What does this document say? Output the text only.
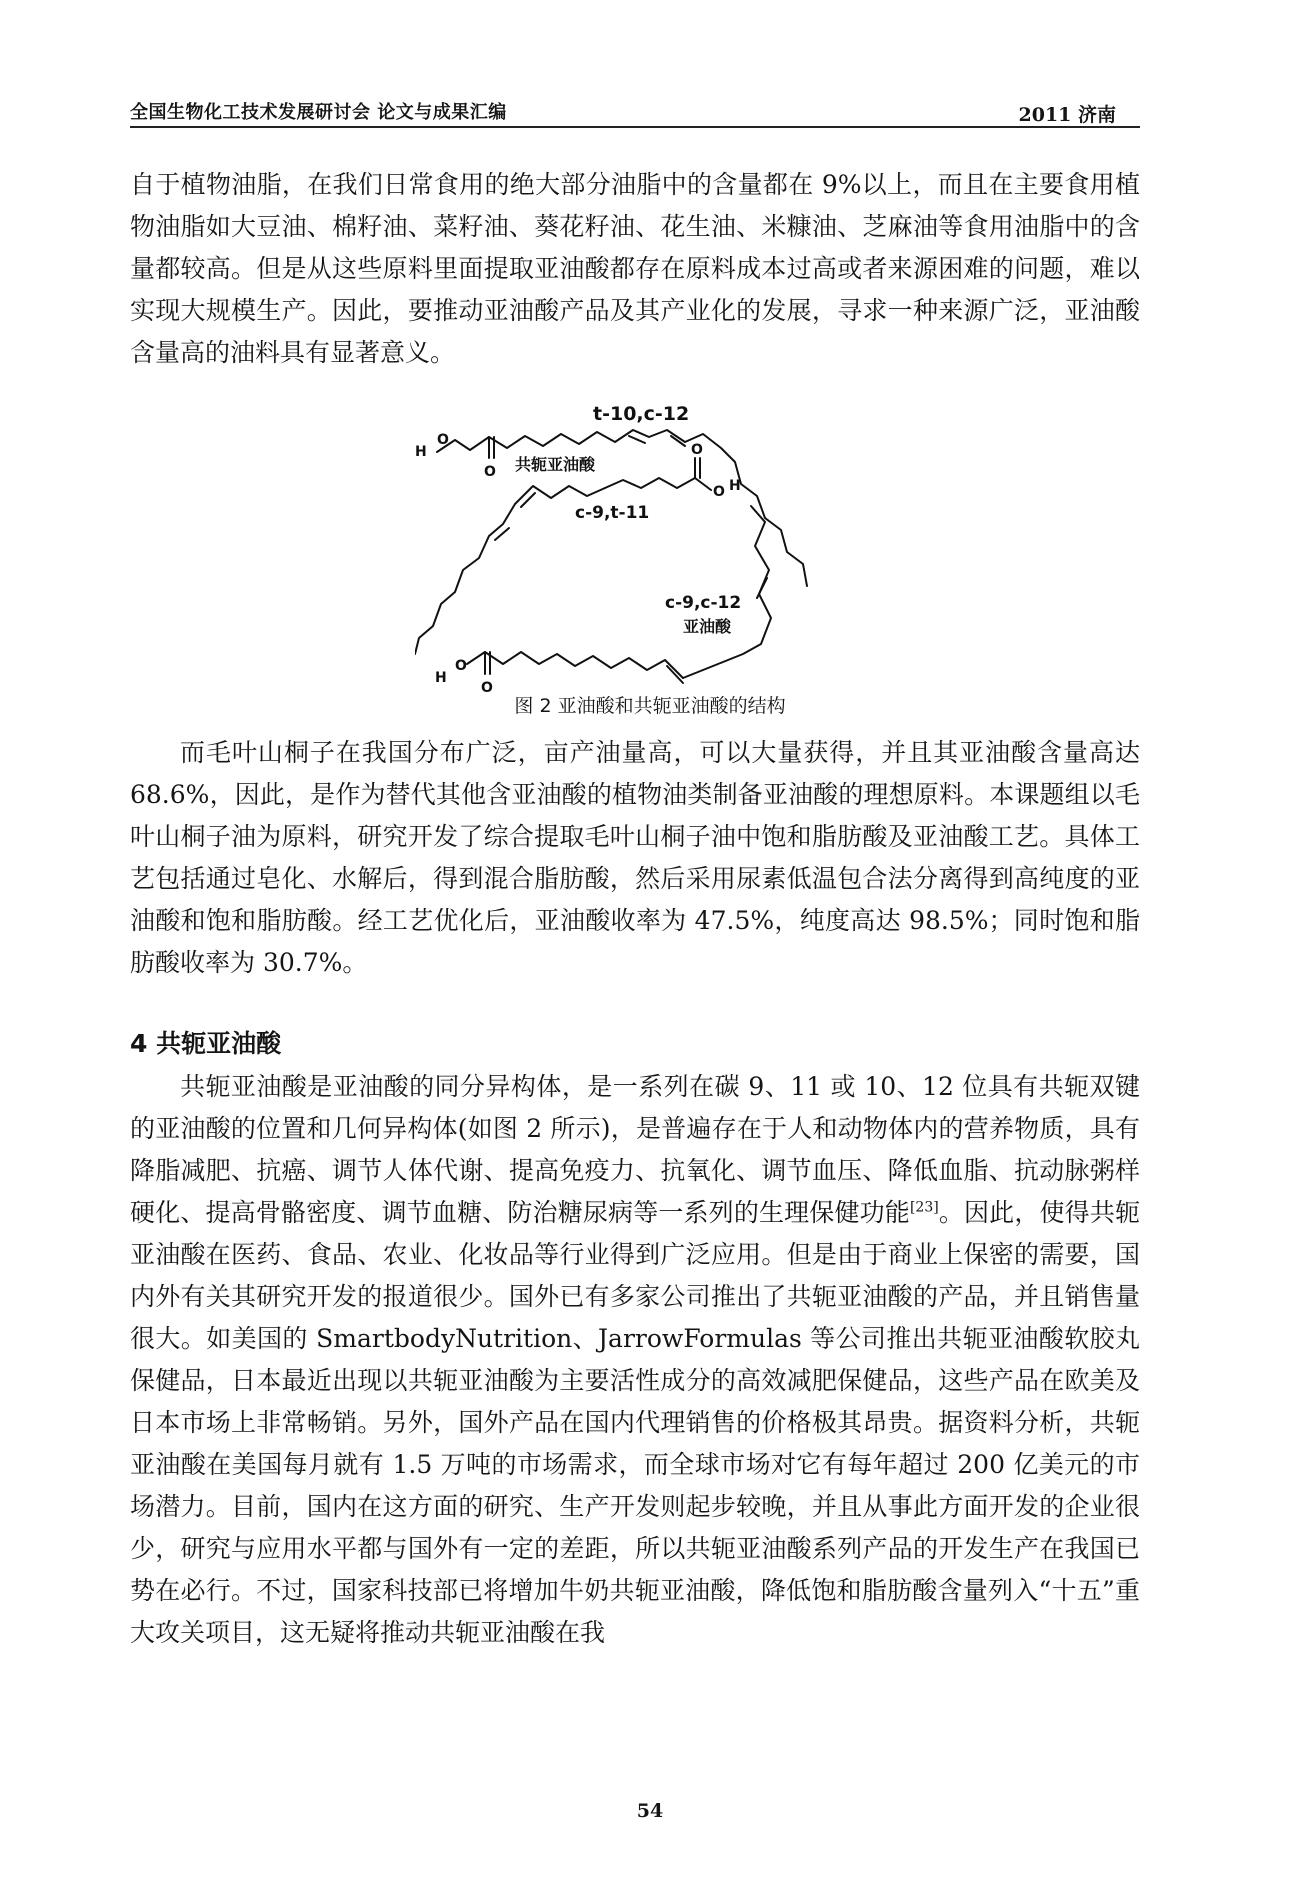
全国生物化工技术发展研讨会 论文与成果汇编	2011 济南
自于植物油脂，在我们日常食用的绝大部分油脂中的含量都在 9%以上，而且在主要食用植物油脂如大豆油、棉籽油、菜籽油、葵花籽油、花生油、米糠油、芝麻油等食用油脂中的含量都较高。但是从这些原料里面提取亚油酸都存在原料成本过高或者来源困难的问题，难以实现大规模生产。因此，要推动亚油酸产品及其产业化的发展，寻求一种来源广泛，亚油酸含量高的油料具有显著意义。
t-10,c-12
共轭亚油酸
c-9,t-11
c-9,c-12
亚油酸
H
O
O
O
O H
H
O
O
图 2 亚油酸和共轭亚油酸的结构
而毛叶山桐子在我国分布广泛，亩产油量高，可以大量获得，并且其亚油酸含量高达 68.6%，因此，是作为替代其他含亚油酸的植物油类制备亚油酸的理想原料。本课题组以毛叶山桐子油为原料，研究开发了综合提取毛叶山桐子油中饱和脂肪酸及亚油酸工艺。具体工艺包括通过皂化、水解后，得到混合脂肪酸，然后采用尿素低温包合法分离得到高纯度的亚油酸和饱和脂肪酸。经工艺优化后，亚油酸收率为 47.5%，纯度高达 98.5%；同时饱和脂肪酸收率为 30.7%。
4 共轭亚油酸
共轭亚油酸是亚油酸的同分异构体，是一系列在碳 9、11 或 10、12 位具有共轭双键的亚油酸的位置和几何异构体(如图 2 所示)，是普遍存在于人和动物体内的营养物质，具有降脂减肥、抗癌、调节人体代谢、提高免疫力、抗氧化、调节血压、降低血脂、抗动脉粥样硬化、提高骨骼密度、调节血糖、防治糖尿病等一系列的生理保健功能[23]。因此，使得共轭亚油酸在医药、食品、农业、化妆品等行业得到广泛应用。但是由于商业上保密的需要，国内外有关其研究开发的报道很少。国外已有多家公司推出了共轭亚油酸的产品，并且销售量很大。如美国的 SmartbodyNutrition、JarrowFormulas 等公司推出共轭亚油酸软胶丸保健品，日本最近出现以共轭亚油酸为主要活性成分的高效减肥保健品，这些产品在欧美及日本市场上非常畅销。另外，国外产品在国内代理销售的价格极其昂贵。据资料分析，共轭亚油酸在美国每月就有 1.5 万吨的市场需求，而全球市场对它有每年超过 200 亿美元的市场潜力。目前，国内在这方面的研究、生产开发则起步较晚，并且从事此方面开发的企业很少，研究与应用水平都与国外有一定的差距，所以共轭亚油酸系列产品的开发生产在我国已势在必行。不过，国家科技部已将增加牛奶共轭亚油酸，降低饱和脂肪酸含量列入“十五”重大攻关项目，这无疑将推动共轭亚油酸在我
54
